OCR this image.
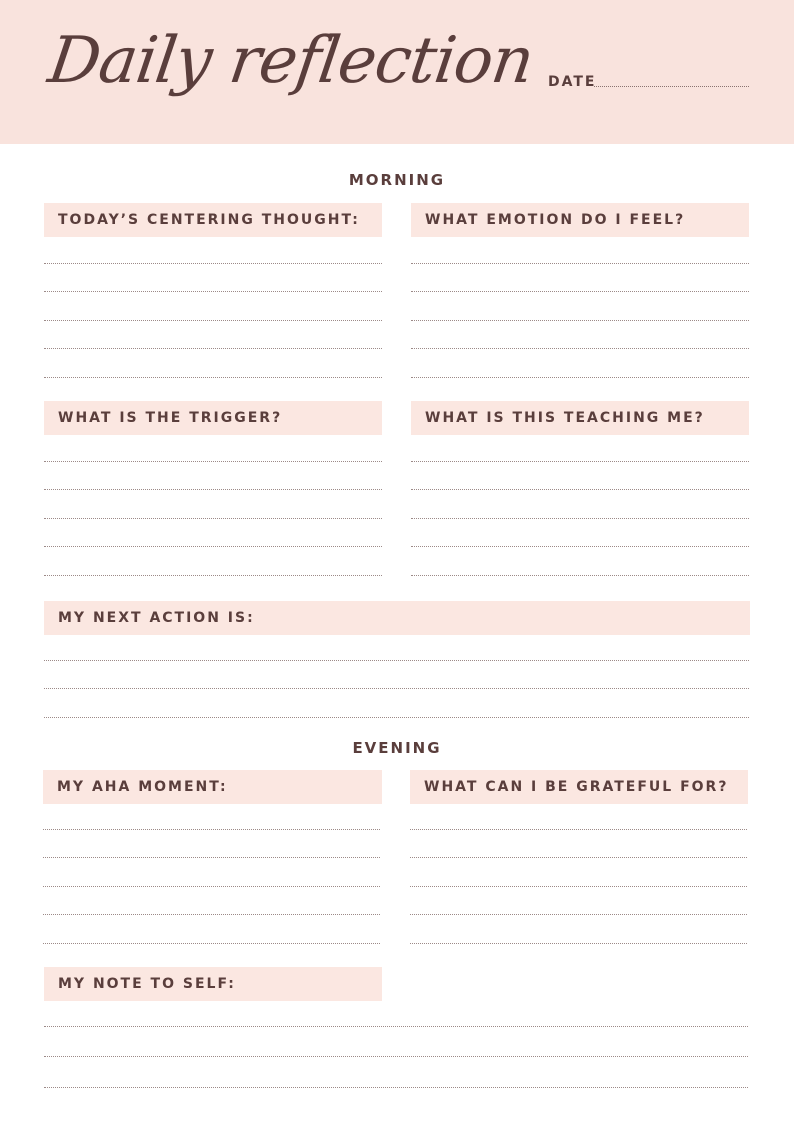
Daily reflection DATE
MORNING
TODAY’S CENTERING THOUGHT:	WHAT EMOTION DO I FEEL?
WHAT IS THE TRIGGER?	WHAT IS THIS TEACHING ME?
MY NEXT ACTION IS:
EVENING
MY AHA MOMENT:	WHAT CAN I BE GRATEFUL FOR?
MY NOTE TO SELF:
